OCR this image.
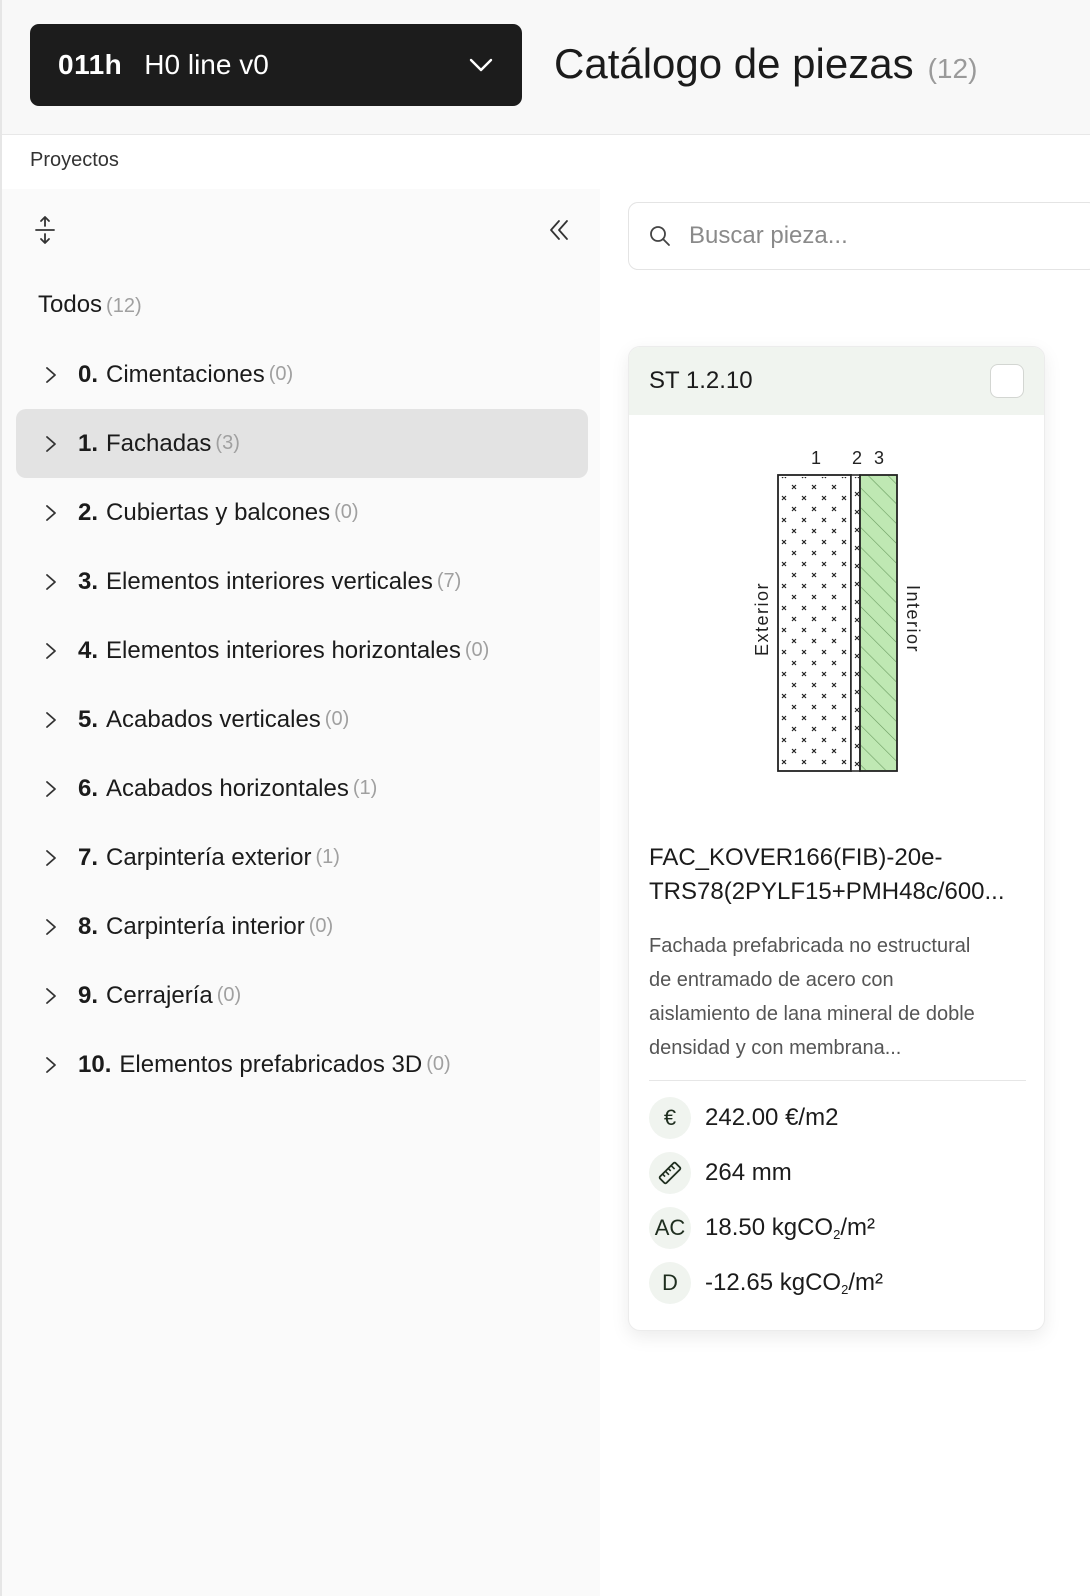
011h H0 line v0	Catálogo de piezas (12)
Proyectos
Todos (12)
0. Cimentaciones (0)
1. Fachadas (3)
2. Cubiertas y balcones (0)
3. Elementos interiores verticales (7)
4. Elementos interiores horizontales (0)
5. Acabados verticales (0)
6. Acabados horizontales (1)
7. Carpintería exterior (1)
8. Carpintería interior (0)
9. Cerrajería (0)
10. Elementos prefabricados 3D (0)
Buscar pieza...
ST 1.2.10
1 2 3
Exterior	Interior
FAC_KOVER166(FIB)-20e-
TRS78(2PYLF15+PMH48c/600...
Fachada prefabricada no estructural
de entramado de acero con
aislamiento de lana mineral de doble
densidad y con membrana...
€	242.00 €/m2
264 mm
AC 18.50 kgCO$_2$/m²
D	-12.65 kgCO$_2$/m²
